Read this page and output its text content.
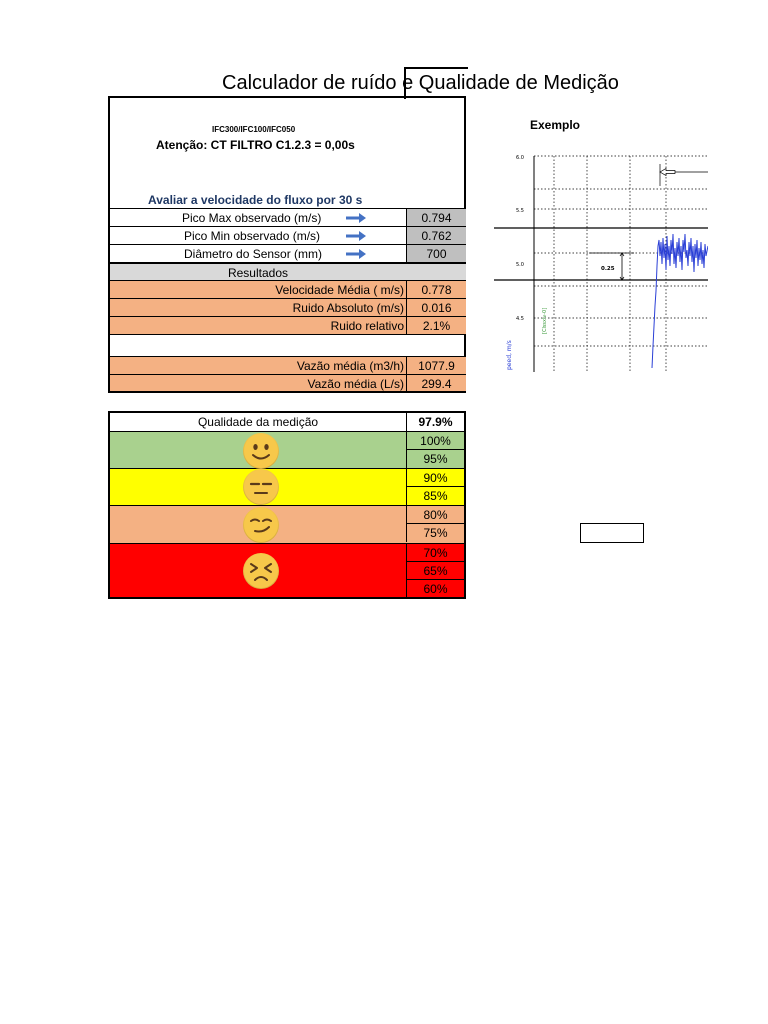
Calculador de ruído e Qualidade de Medição
IFC300/IFC100/IFC050
Atenção: CT FILTRO C1.2.3 = 0,00s
Avaliar a velocidade do fluxo por 30 s
Pico Max observado (m/s)	0.794
Pico Min observado (m/s)	0.762
Diâmetro do Sensor (mm)	700
Resultados
Velocidade Média ( m/s)	0.778
Ruido Absoluto (m/s)	0.016
Ruido relativo	2.1%
Vazão média (m3/h)	1077.9
Vazão média (L/s)	299.4
Qualidade da medição	97.9%
100%
95%
90%
85%
80%
75%
70%
65%
60%
Exemplo
6.0
5.5
5.0
4.5
peed, m/s
[Clssxlv-0]
0.25
